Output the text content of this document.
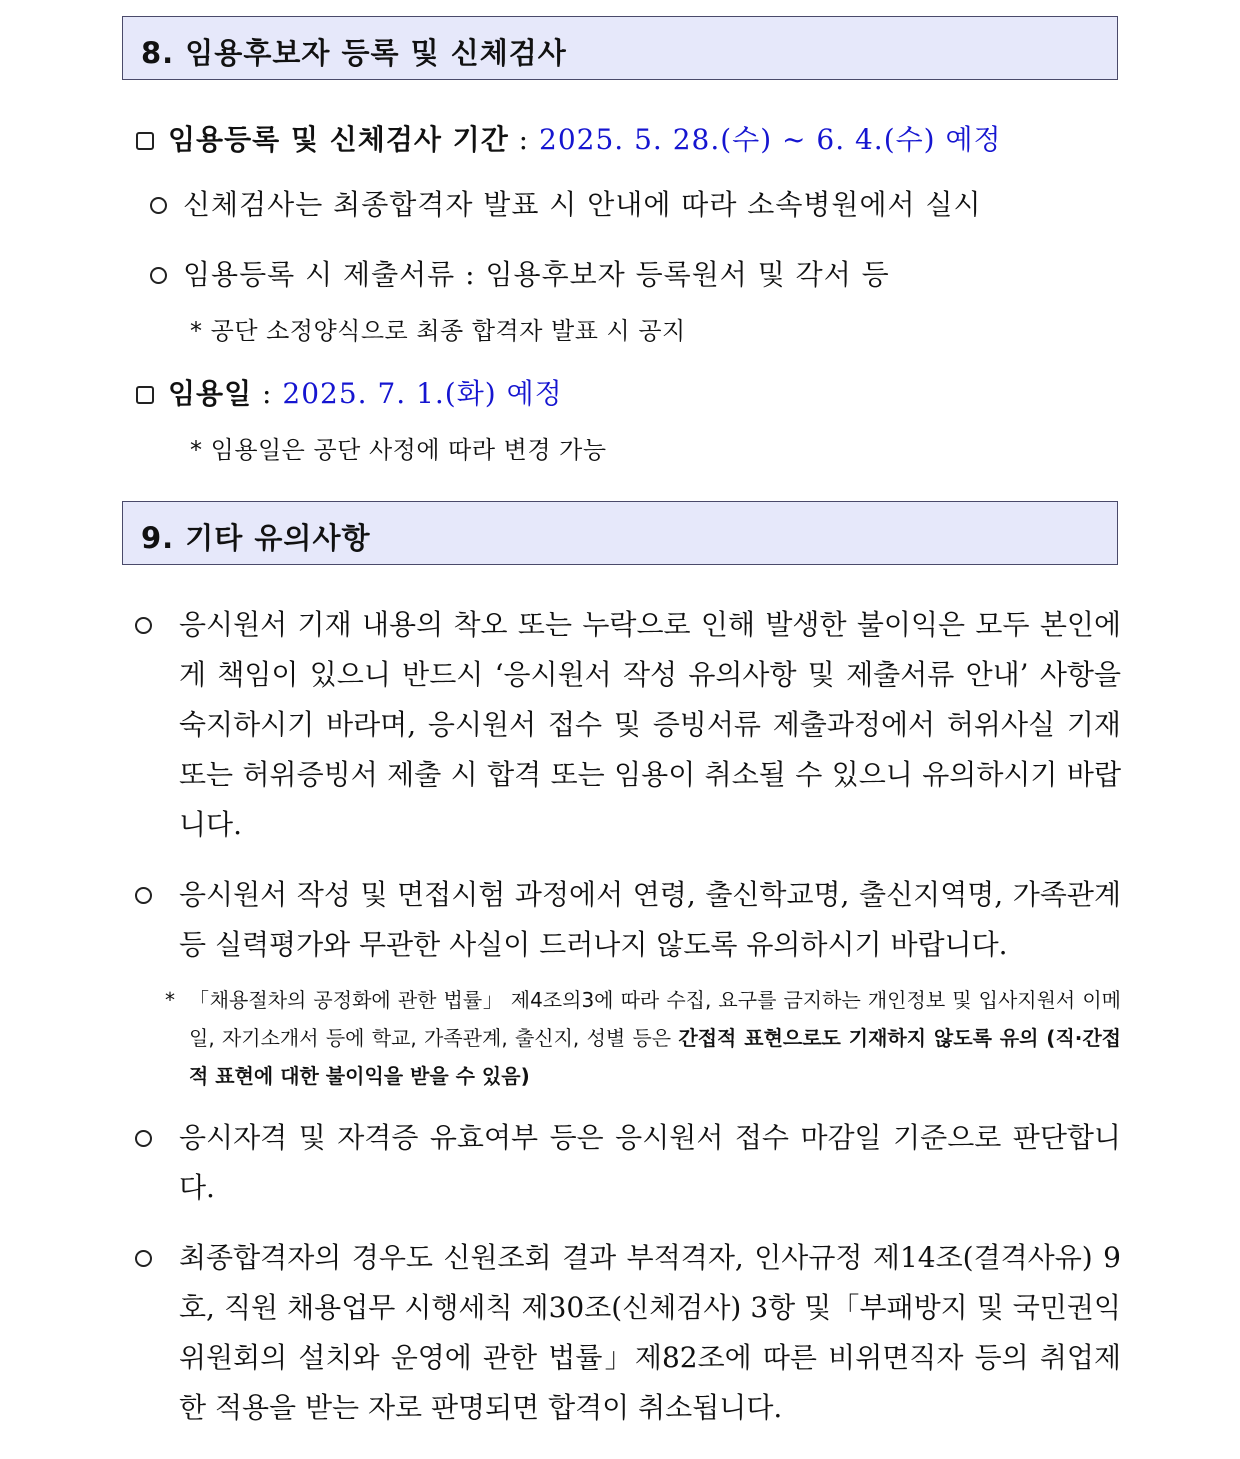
8. 임용후보자 등록 및 신체검사
임용등록 및 신체검사 기간 : 2025. 5. 28.(수) ~ 6. 4.(수) 예정
신체검사는 최종합격자 발표 시 안내에 따라 소속병원에서 실시
임용등록 시 제출서류 : 임용후보자 등록원서 및 각서 등
* 공단 소정양식으로 최종 합격자 발표 시 공지
임용일 : 2025. 7. 1.(화) 예정
* 임용일은 공단 사정에 따라 변경 가능
9. 기타 유의사항
응시원서 기재 내용의 착오 또는 누락으로 인해 발생한 불이익은 모두 본인에게 책임이 있으니 반드시 ‘응시원서 작성 유의사항 및 제출서류 안내’ 사항을 숙지하시기 바라며, 응시원서 접수 및 증빙서류 제출과정에서 허위사실 기재 또는 허위증빙서 제출 시 합격 또는 임용이 취소될 수 있으니 유의하시기 바랍니다.
응시원서 작성 및 면접시험 과정에서 연령, 출신학교명, 출신지역명, 가족관계 등 실력평가와 무관한 사실이 드러나지 않도록 유의하시기 바랍니다.
* 「채용절차의 공정화에 관한 법률」 제4조의3에 따라 수집, 요구를 금지하는 개인정보 및 입사지원서 이메일, 자기소개서 등에 학교, 가족관계, 출신지, 성별 등은 간접적 표현으로도 기재하지 않도록 유의 (직·간접적 표현에 대한 불이익을 받을 수 있음)
응시자격 및 자격증 유효여부 등은 응시원서 접수 마감일 기준으로 판단합니다.
최종합격자의 경우도 신원조회 결과 부적격자, 인사규정 제14조(결격사유) 9호, 직원 채용업무 시행세칙 제30조(신체검사) 3항 및「부패방지 및 국민권익위원회의 설치와 운영에 관한 법률」제82조에 따른 비위면직자 등의 취업제한 적용을 받는 자로 판명되면 합격이 취소됩니다.
